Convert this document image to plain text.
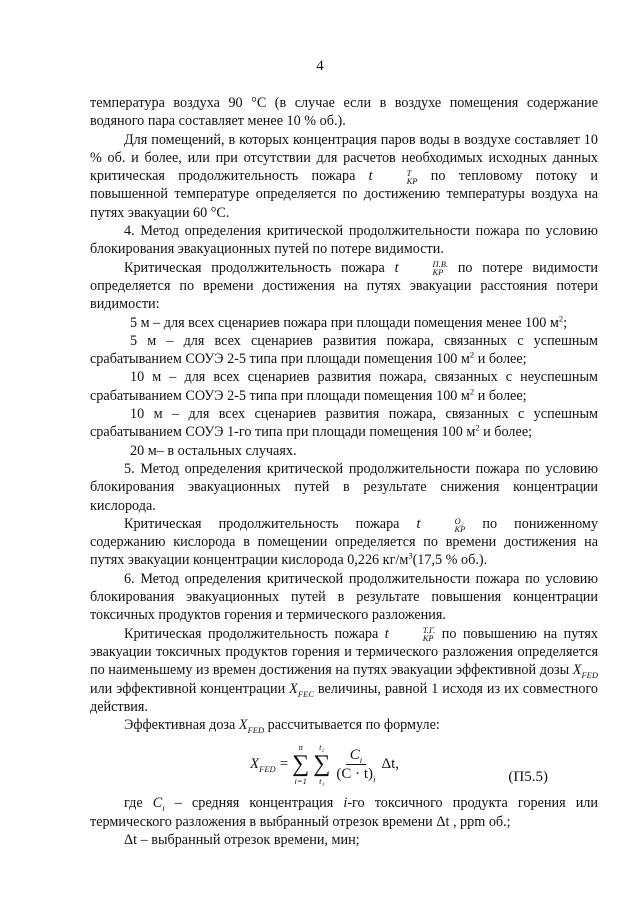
4

температура воздуха 90 °С (в случае если в воздухе помещения содержание водяного пара составляет менее 10 % об.).

Для помещений, в которых концентрация паров воды в воздухе составляет 10 % об. и более, или при отсутствии для расчетов необходимых исходных данных критическая продолжительность пожара t	Т
КР по тепловому потоку и повышенной температуре определяется по достижению температуры воздуха на путях эвакуации 60 °С.

4. Метод определения критической продолжительности пожара по условию блокирования эвакуационных путей по потере видимости.

Критическая продолжительность пожара t	П.В.
КР по потере видимости определяется по времени достижения на путях эвакуации расстояния потери видимости:

5 м – для всех сценариев пожара при площади помещения менее 100 $м^2$;

5 м – для всех сценариев развития пожара, связанных с успешным срабатыванием СОУЭ 2-5 типа при площади помещения 100 $м^2$ и более;

10 м – для всех сценариев развития пожара, связанных с неуспешным срабатыванием СОУЭ 2-5 типа при площади помещения 100 $м^2$ и более;

10 м – для всех сценариев развития пожара, связанных с успешным срабатыванием СОУЭ 1-го типа при площади помещения 100 $м^2$ и более;

20 м– в остальных случаях.

5. Метод определения критической продолжительности пожара по условию блокирования эвакуационных путей в результате снижения концентрации кислорода.

Критическая продолжительность пожара t	O₂
КР по пониженному содержанию кислорода в помещении определяется по времени достижения на путях эвакуации концентрации кислорода 0,226 $кг/м^3(17,5$ % об.).

6. Метод определения критической продолжительности пожара по условию блокирования эвакуационных путей в результате повышения концентрации токсичных продуктов горения и термического разложения.

Критическая продолжительность пожара t	Т.Г.
КР по повышению на путях эвакуации токсичных продуктов горения и термического разложения определяется по наименьшему из времен достижения на путях эвакуации эффективной дозы $X_{FED}$ или эффективной концентрации $X_{FEC}$ величины, равной 1 исходя из их совместного действия.

Эффективная доза $X_{FED}$ рассчитывается по формуле:

$X_{FED}$ =
n
∑
i=1
t₂
∑
$t_1 \frac{C_i}{(C \cdot t)_i} \Delta t$,
(П5.5)

где $C_i$ – средняя концентрация i-го токсичного продукта горения или термического разложения в выбранный отрезок времени Δt , ppm об.;

Δt – выбранный отрезок времени, мин;
